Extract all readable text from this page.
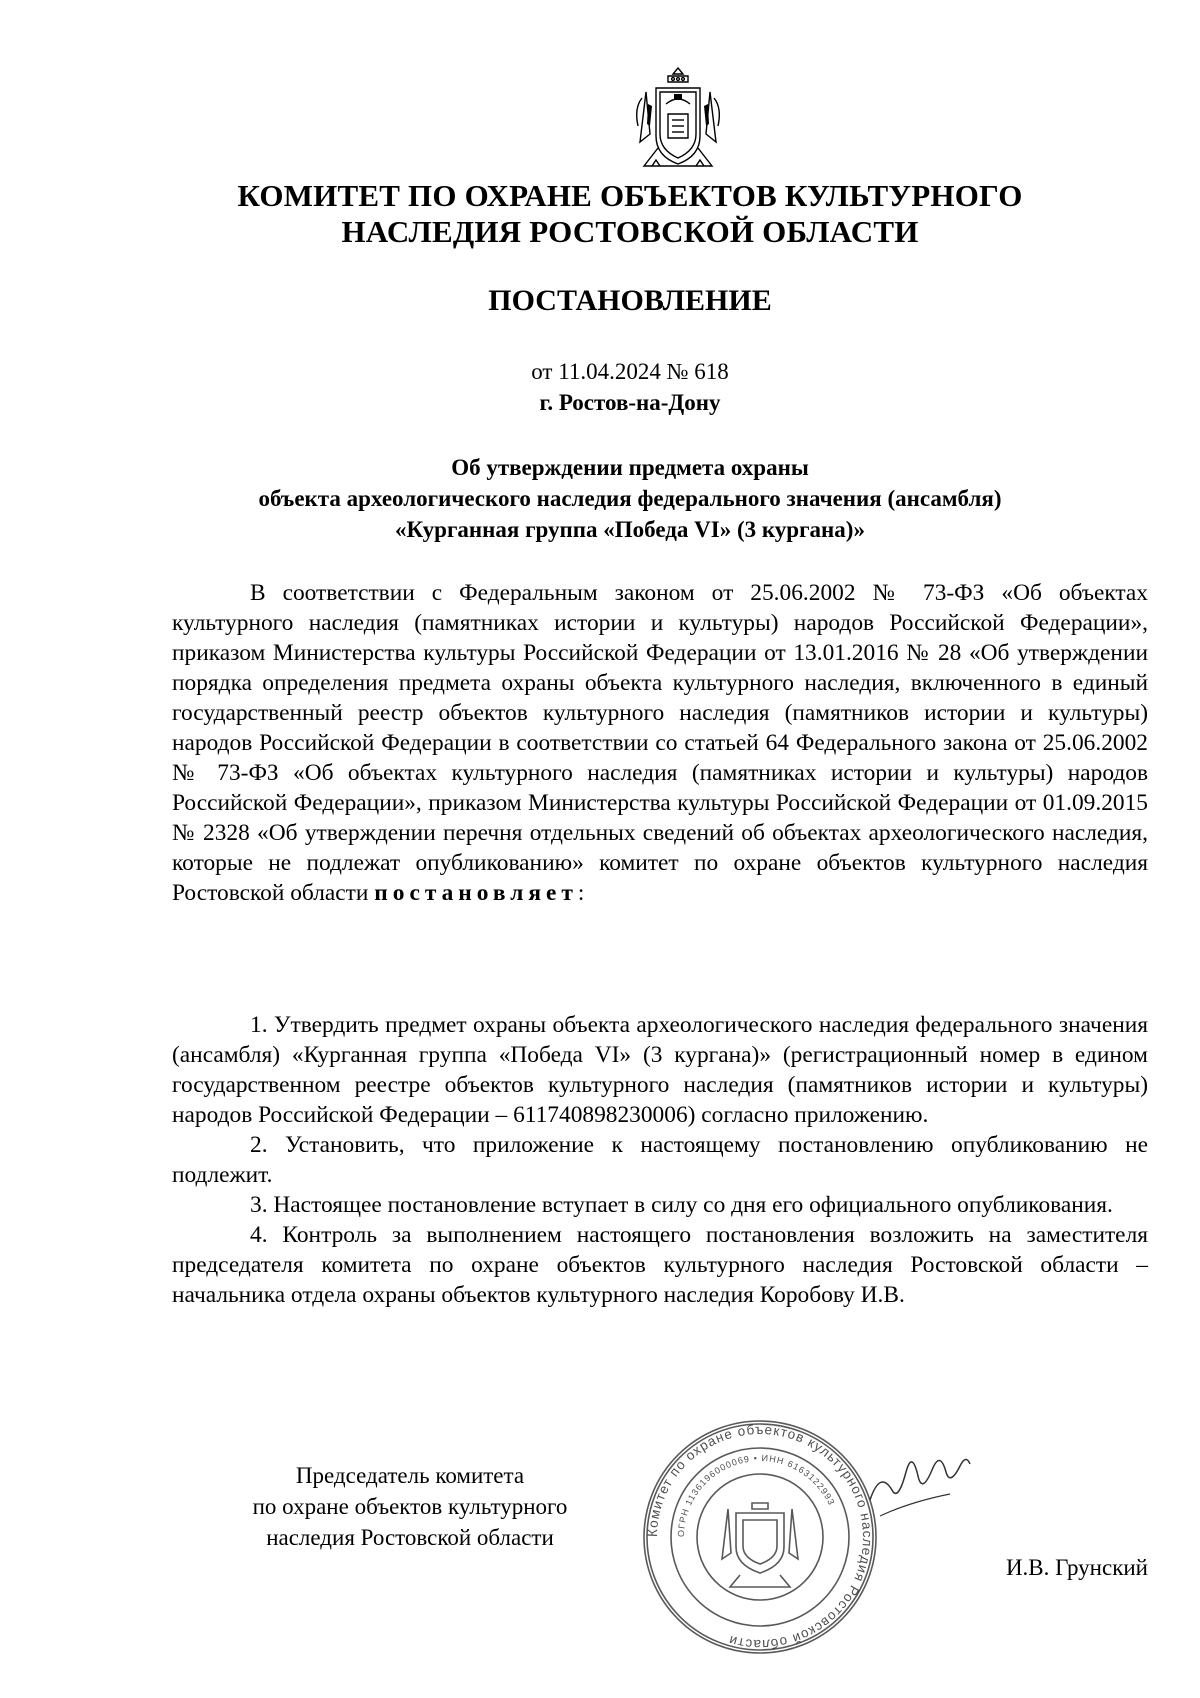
КОМИТЕТ ПО ОХРАНЕ ОБЪЕКТОВ КУЛЬТУРНОГО
НАСЛЕДИЯ РОСТОВСКОЙ ОБЛАСТИ
ПОСТАНОВЛЕНИЕ
от 11.04.2024 № 618
г. Ростов-на-Дону
Об утверждении предмета охраны
объекта археологического наследия федерального значения (ансамбля)
«Курганная группа «Победа VI» (3 кургана)»

В соответствии с Федеральным законом от 25.06.2002 № 73-ФЗ «Об объектах культурного наследия (памятниках истории и культуры) народов Российской Федерации», приказом Министерства культуры Российской Федерации от 13.01.2016 № 28 «Об утверждении порядка определения предмета охраны объекта культурного наследия, включенного в единый государственный реестр объектов культурного наследия (памятников истории и культуры) народов Российской Федерации в соответствии со статьей 64 Федерального закона от 25.06.2002 № 73-ФЗ «Об объектах культурного наследия (памятниках истории и культуры) народов Российской Федерации», приказом Министерства культуры Российской Федерации от 01.09.2015 № 2328 «Об утверждении перечня отдельных сведений об объектах археологического наследия, которые не подлежат опубликованию» комитет по охране объектов культурного наследия Ростовской области постановляет:

1. Утвердить предмет охраны объекта археологического наследия федерального значения (ансамбля) «Курганная группа «Победа VI» (3 кургана)» (регистрационный номер в едином государственном реестре объектов культурного наследия (памятников истории и культуры) народов Российской Федерации – 611740898230006) согласно приложению.

2. Установить, что приложение к настоящему постановлению опубликованию не подлежит.

3. Настоящее постановление вступает в силу со дня его официального опубликования.

4. Контроль за выполнением настоящего постановления возложить на заместителя председателя комитета по охране объектов культурного наследия Ростовской области – начальника отдела охраны объектов культурного наследия Коробову И.В.

Председатель комитета
по охране объектов культурного
наследия Ростовской области	Комитет по охране объектов культурного наследия Ростовской области
ОГРН 1136196000069 • ИНН 6163122993
И.В. Грунский
